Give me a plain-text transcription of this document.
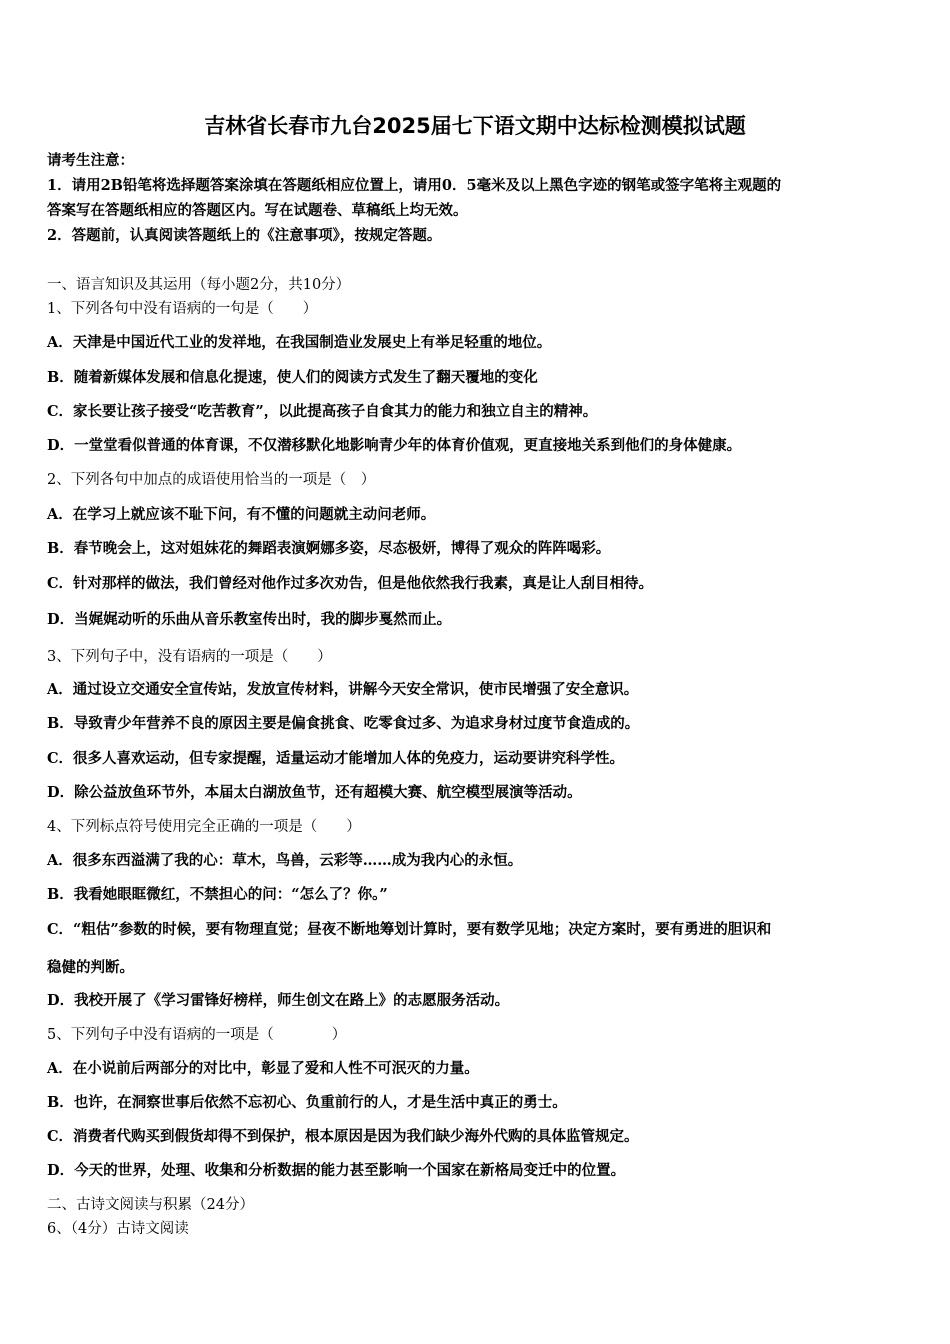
吉林省长春市九台2025届七下语文期中达标检测模拟试题
请考生注意：
1．请用2B铅笔将选择题答案涂填在答题纸相应位置上，请用0．5毫米及以上黑色字迹的钢笔或签字笔将主观题的
答案写在答题纸相应的答题区内。写在试题卷、草稿纸上均无效。
2．答题前，认真阅读答题纸上的《注意事项》，按规定答题。
一、语言知识及其运用（每小题2分，共10分）
1、下列各句中没有语病的一句是（　　）
A．天津是中国近代工业的发祥地，在我国制造业发展史上有举足轻重的地位。
B．随着新媒体发展和信息化提速，使人们的阅读方式发生了翻天覆地的变化
C．家长要让孩子接受“吃苦教育”，以此提高孩子自食其力的能力和独立自主的精神。
D．一堂堂看似普通的体育课，不仅潜移默化地影响青少年的体育价值观，更直接地关系到他们的身体健康。
2、下列各句中加点的成语使用恰当的一项是（　）
A．在学习上就应该不耻下问，有不懂的问题就主动问老师。
B．春节晚会上，这对姐妹花的舞蹈表演婀娜多姿，尽态极妍，博得了观众的阵阵喝彩。
C．针对那样的做法，我们曾经对他作过多次劝告，但是他依然我行我素，真是让人刮目相待。
D．当娓娓动听的乐曲从音乐教室传出时，我的脚步戛然而止。
3、下列句子中，没有语病的一项是（　　）
A．通过设立交通安全宣传站，发放宣传材料，讲解今天安全常识，使市民增强了安全意识。
B．导致青少年营养不良的原因主要是偏食挑食、吃零食过多、为追求身材过度节食造成的。
C．很多人喜欢运动，但专家提醒，适量运动才能增加人体的免疫力，运动要讲究科学性。
D．除公益放鱼环节外，本届太白湖放鱼节，还有超模大赛、航空模型展演等活动。
4、下列标点符号使用完全正确的一项是（　　）
A．很多东西溢满了我的心：草木，鸟兽，云彩等……成为我内心的永恒。
B．我看她眼眶微红，不禁担心的问：“怎么了？你。”
C．“粗估”参数的时候，要有物理直觉；昼夜不断地筹划计算时，要有数学见地；决定方案时，要有勇进的胆识和
稳健的判断。
D．我校开展了《学习雷锋好榜样，师生创文在路上》的志愿服务活动。
5、下列句子中没有语病的一项是（　　　　）
A．在小说前后两部分的对比中，彰显了爱和人性不可泯灭的力量。
B．也许，在洞察世事后依然不忘初心、负重前行的人，才是生活中真正的勇士。
C．消费者代购买到假货却得不到保护，根本原因是因为我们缺少海外代购的具体监管规定。
D．今天的世界，处理、收集和分析数据的能力甚至影响一个国家在新格局变迁中的位置。
二、古诗文阅读与积累（24分）
6、（4分）古诗文阅读
